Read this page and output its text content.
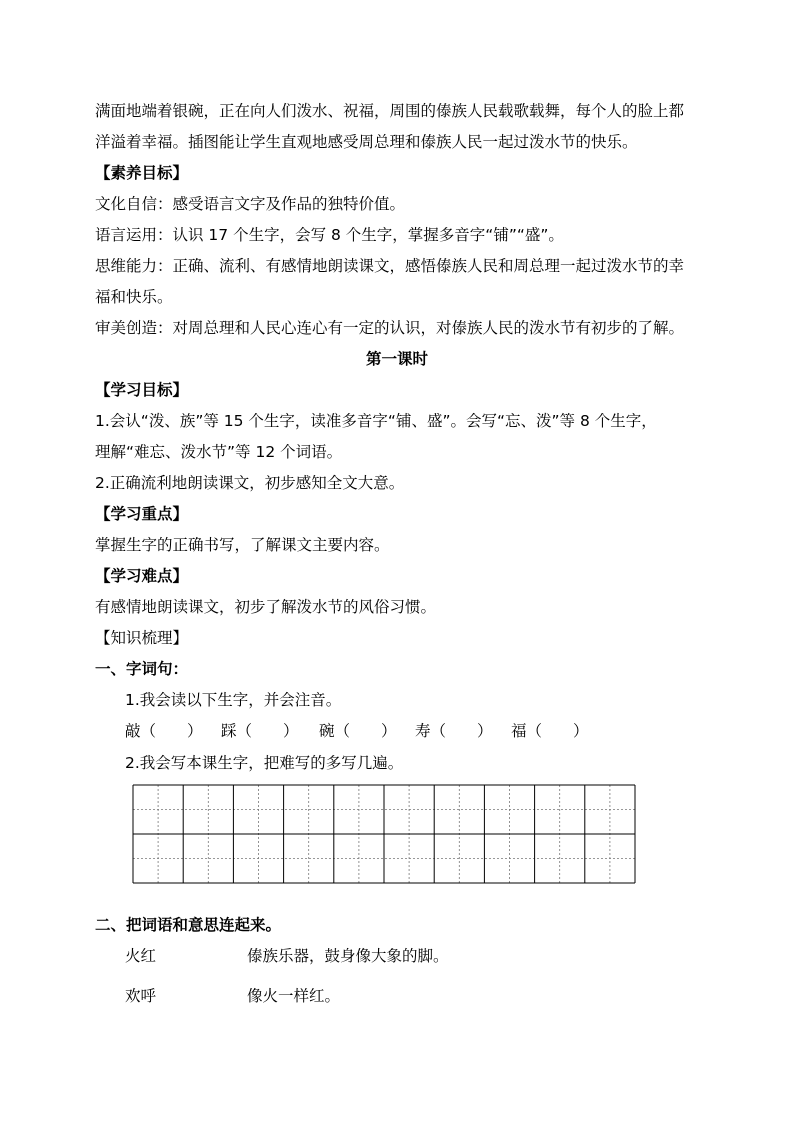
满面地端着银碗，正在向人们泼水、祝福，周围的傣族人民载歌载舞，每个人的脸上都
洋溢着幸福。插图能让学生直观地感受周总理和傣族人民一起过泼水节的快乐。
【素养目标】
文化自信：感受语言文字及作品的独特价值。
语言运用：认识 17 个生字，会写 8 个生字，掌握多音字“铺”“盛”。
思维能力：正确、流利、有感情地朗读课文，感悟傣族人民和周总理一起过泼水节的幸
福和快乐。
审美创造：对周总理和人民心连心有一定的认识，对傣族人民的泼水节有初步的了解。
第一课时
【学习目标】
1.会认“泼、族”等 15 个生字，读准多音字“铺、盛”。会写“忘、泼”等 8 个生字，
理解“难忘、泼水节”等 12 个词语。
2.正确流利地朗读课文，初步感知全文大意。
【学习重点】
掌握生字的正确书写，了解课文主要内容。
【学习难点】
有感情地朗读课文，初步了解泼水节的风俗习惯。
【知识梳理】
一、字词句：
1.我会读以下生字，并会注音。
敲（　　） 踩（　　） 碗（　　） 寿（　　） 福（　　）
2.我会写本课生字，把难写的多写几遍。
二、把词语和意思连起来。
火红	傣族乐器，鼓身像大象的脚。
欢呼	像火一样红。
